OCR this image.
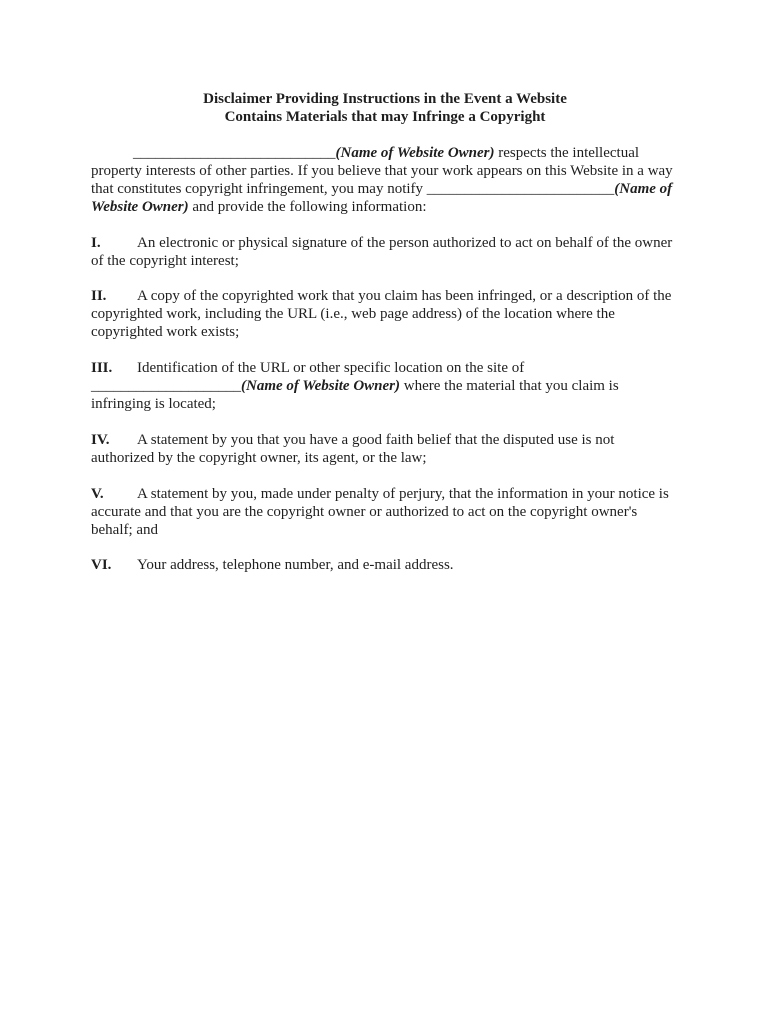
Disclaimer Providing Instructions in the Event a Website
Contains Materials that may Infringe a Copyright

___________________________(Name of Website Owner) respects the intellectual property interests of other parties. If you believe that your work appears on this Website in a way that constitutes copyright infringement, you may notify _________________________(Name of Website Owner) and provide the following information:

I. An electronic or physical signature of the person authorized to act on behalf of the owner of the copyright interest;

II. A copy of the copyrighted work that you claim has been infringed, or a description of the copyrighted work, including the URL (i.e., web page address) of the location where the copyrighted work exists;

III. Identification of the URL or other specific location on the site of ____________________(Name of Website Owner) where the material that you claim is infringing is located;

IV. A statement by you that you have a good faith belief that the disputed use is not authorized by the copyright owner, its agent, or the law;

V. A statement by you, made under penalty of perjury, that the information in your notice is accurate and that you are the copyright owner or authorized to act on the copyright owner's behalf; and

VI. Your address, telephone number, and e-mail address.
